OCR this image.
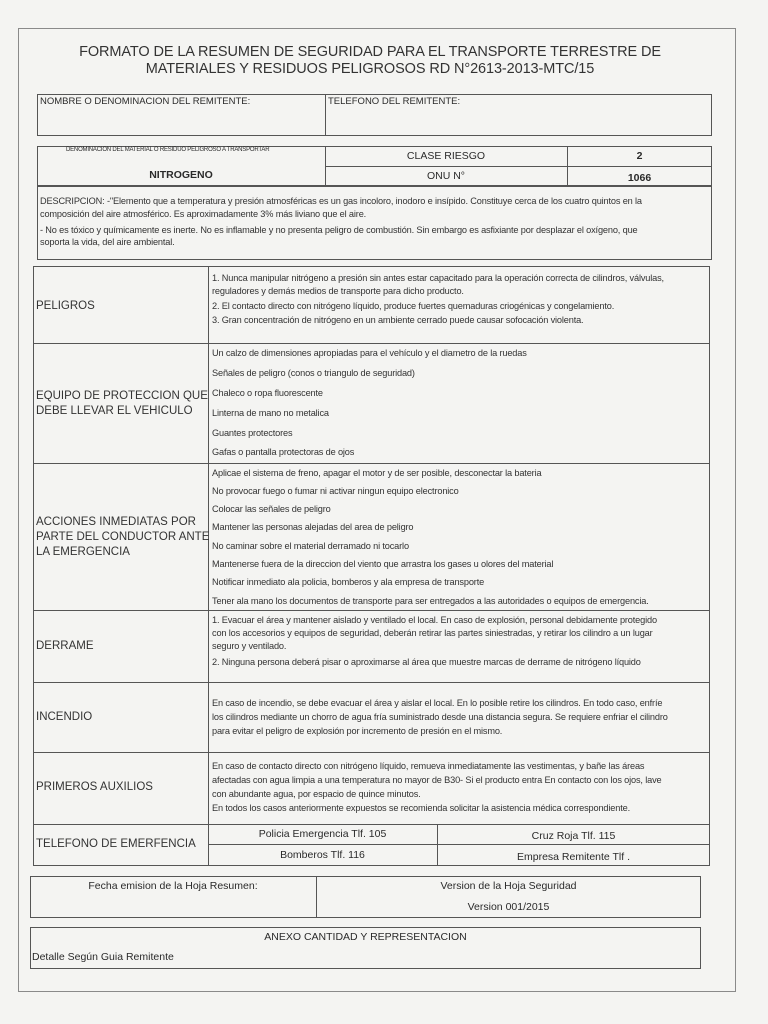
FORMATO DE LA RESUMEN DE SEGURIDAD PARA EL TRANSPORTE TERRESTRE DE MATERIALES Y RESIDUOS PELIGROSOS RD N°2613-2013-MTC/15
NOMBRE O DENOMINACION DEL REMITENTE:	TELEFONO DEL REMITENTE:
DENOMINACION DEL MATERIAL O RESIDUO PELIGROSO A TRANSPORTAR
NITROGENO
CLASE RIESGO	2
ONU N°	1066
DESCRIPCION: -"Elemento que a temperatura y presión atmosféricas es un gas incoloro, inodoro e insípido. Constituye cerca de los cuatro quintos en la
composición del aire atmosférico. Es aproximadamente 3% más liviano que el aire.
- No es tóxico y químicamente es inerte. No es inflamable y no presenta peligro de combustión. Sin embargo es asfixiante por desplazar el oxígeno, que
soporta la vida, del aire ambiental.
PELIGROS
1. Nunca manipular nitrógeno a presión sin antes estar capacitado para la operación correcta de cilindros, válvulas,
reguladores y demás medios de transporte para dicho producto.
2. El contacto directo con nitrógeno líquido, produce fuertes quemaduras criogénicas y congelamiento.
3. Gran concentración de nitrógeno en un ambiente cerrado puede causar sofocación violenta.
EQUIPO DE PROTECCION QUE
DEBE LLEVAR EL VEHICULO
Un calzo de dimensiones apropiadas para el vehículo y el diametro de la ruedas
Señales de peligro (conos o triangulo de seguridad)
Chaleco o ropa fluorescente
Linterna de mano no metalica
Guantes protectores
Gafas o pantalla protectoras de ojos
ACCIONES INMEDIATAS POR
PARTE DEL CONDUCTOR ANTE
LA EMERGENCIA
Aplicae el sistema de freno, apagar el motor y de ser posible, desconectar la bateria
No provocar fuego o fumar ni activar ningun equipo electronico
Colocar las señales de peligro
Mantener las personas alejadas del area de peligro
No caminar sobre el material derramado ni tocarlo
Mantenerse fuera de la direccion del viento que arrastra los gases u olores del material
Notificar inmediato ala policia, bomberos y ala empresa de transporte
Tener ala mano los documentos de transporte para ser entregados a las autoridades o equipos de emergencia.
DERRAME
1. Evacuar el área y mantener aislado y ventilado el local. En caso de explosión, personal debidamente protegido
con los accesorios y equipos de seguridad, deberán retirar las partes siniestradas, y retirar los cilindro a un lugar
seguro y ventilado.
2. Ninguna persona deberá pisar o aproximarse al área que muestre marcas de derrame de nitrógeno líquido
INCENDIO
En caso de incendio, se debe evacuar el área y aislar el local. En lo posible retire los cilindros. En todo caso, enfríe
los cilindros mediante un chorro de agua fría suministrado desde una distancia segura. Se requiere enfriar el cilindro
para evitar el peligro de explosión por incremento de presión en el mismo.
PRIMEROS AUXILIOS
En caso de contacto directo con nitrógeno líquido, remueva inmediatamente las vestimentas, y bañe las áreas
afectadas con agua limpia a una temperatura no mayor de B30- Si el producto entra En contacto con los ojos, lave
con abundante agua, por espacio de quince minutos.
En todos los casos anteriormente expuestos se recomienda solicitar la asistencia médica correspondiente.
TELEFONO DE EMERFENCIA
Policia Emergencia Tlf. 105	Cruz Roja Tlf. 115
Bomberos Tlf. 116	Empresa Remitente Tlf .
Fecha emision de la Hoja Resumen:	Version de la Hoja Seguridad
Version 001/2015
ANEXO CANTIDAD Y REPRESENTACION
Detalle Según Guia Remitente
